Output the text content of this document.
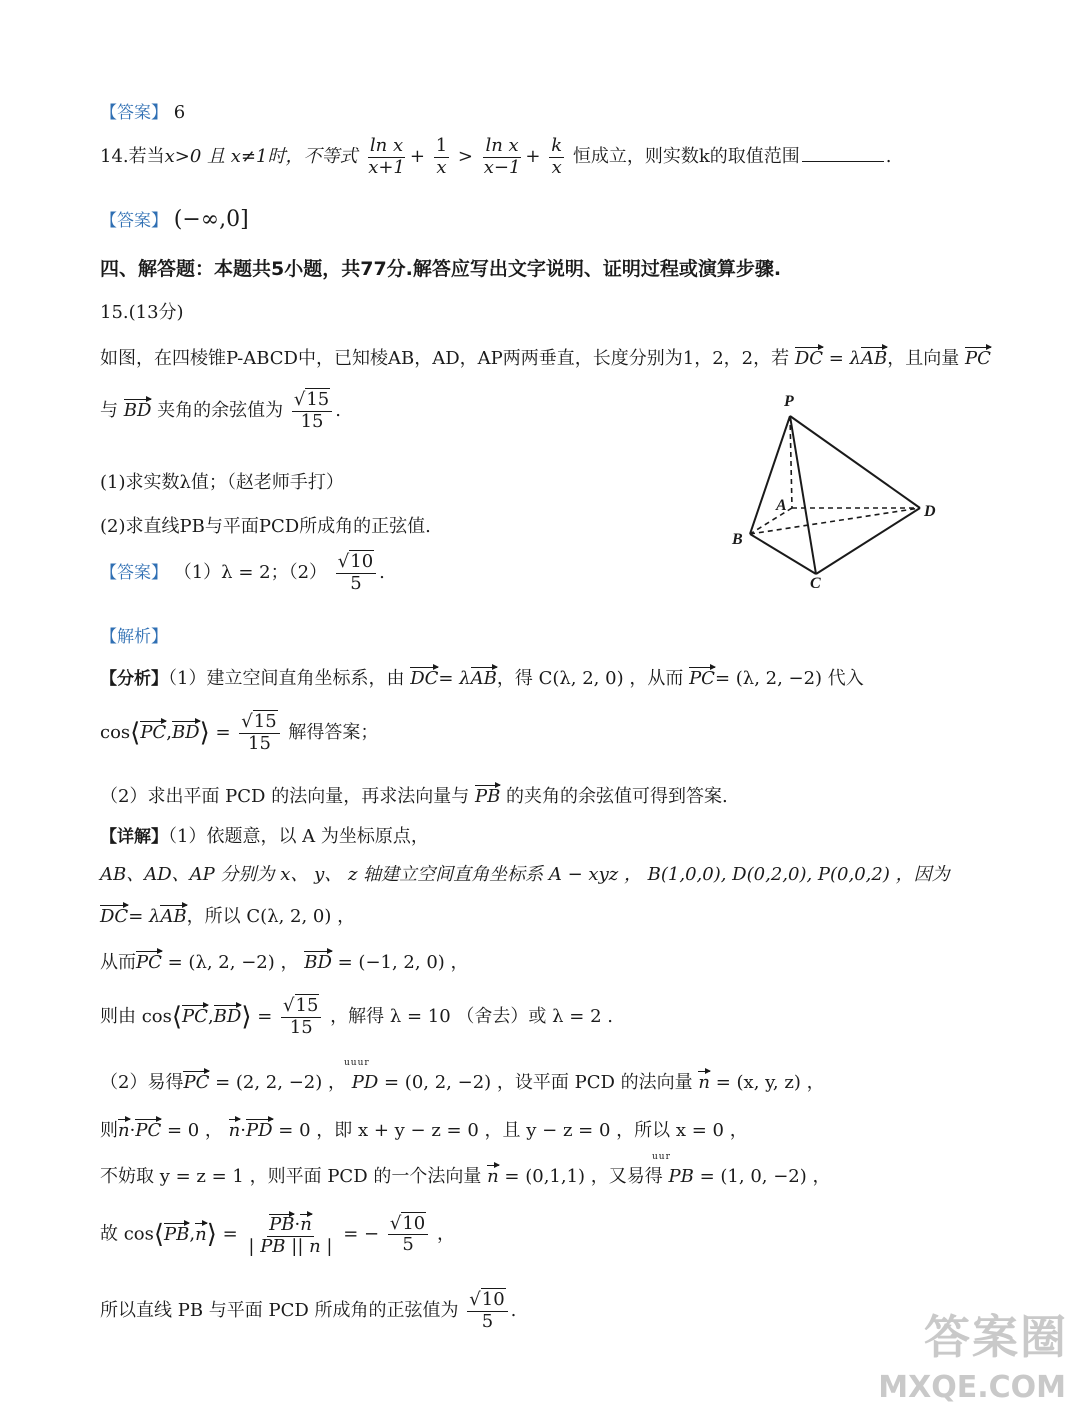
【答案】 6
14.若当x>0 且 x≠1时，不等式 $\frac{\text{ln x}}{x+1} + \frac{1}{x} > \frac{\text{ln x}}{x-1} + \frac{k}{x}$ 恒成立，则实数k的取值范围	.
【答案】 (−∞,0]
四、解答题：本题共5小题，共77分.解答应写出文字说明、证明过程或演算步骤.
15.(13分)
如图，在四棱锥P-ABCD中，已知棱AB，AD，AP两两垂直，长度分别为1，2，2，若 DC = λAB，且向量 PC
与 BD 夹角的余弦值为 $\frac{√15}{15}$ .
(1)求实数λ值；（赵老师手打）
(2)求直线PB与平面PCD所成角的正弦值.
P
A
B
C
D
【答案】 （1）λ = 2；$(2) \frac{√10}{5}$ .
【解析】
【分析】（1）建立空间直角坐标系，由 DC= λAB，得 C(λ, 2, 0) ，从而 PC= (λ, 2, −2) 代入
cos⟨PC,BD⟩ = $\frac{√15}{15}$ 解得答案；
（2）求出平面 PCD 的法向量，再求法向量与 PB 的夹角的余弦值可得到答案.
【详解】（1）依题意，以 A 为坐标原点，
AB、AD、AP 分别为 x、 y、 z 轴建立空间直角坐标系 A − xyz ， B(1,0,0), D(0,2,0), P(0,0,2) ，因为
DC= λAB，所以 C(λ, 2, 0) ，
从而PC = (λ, 2, −2) ， BD = (−1, 2, 0) ，
则由 cos⟨PC,BD⟩ = $\frac{√15}{15}$ ，解得 λ = 10 （舍去）或 λ = 2 .
uuur
（2）易得PC = (2, 2, −2) ， PD = (0, 2, −2) ，设平面 PCD 的法向量 n = (x, y, z) ，
则n·PC = 0 ， n·PD = 0 ，即 x + y − z = 0 ，且 y − z = 0 ，所以 x = 0 ，
uur
不妨取 y = z = 1 ，则平面 PCD 的一个法向量 n = (0,1,1) ，又易得 PB = (1, 0, −2) ，
故 cos⟨PB,n⟩ = $\frac{PB\cdot n}{| PB || n |}$ = − $\frac{√10}{5}$ ，
所以直线 PB 与平面 PCD 所成角的正弦值为 $\frac{√10}{5}$ .	答案圈
MXQE.COM
